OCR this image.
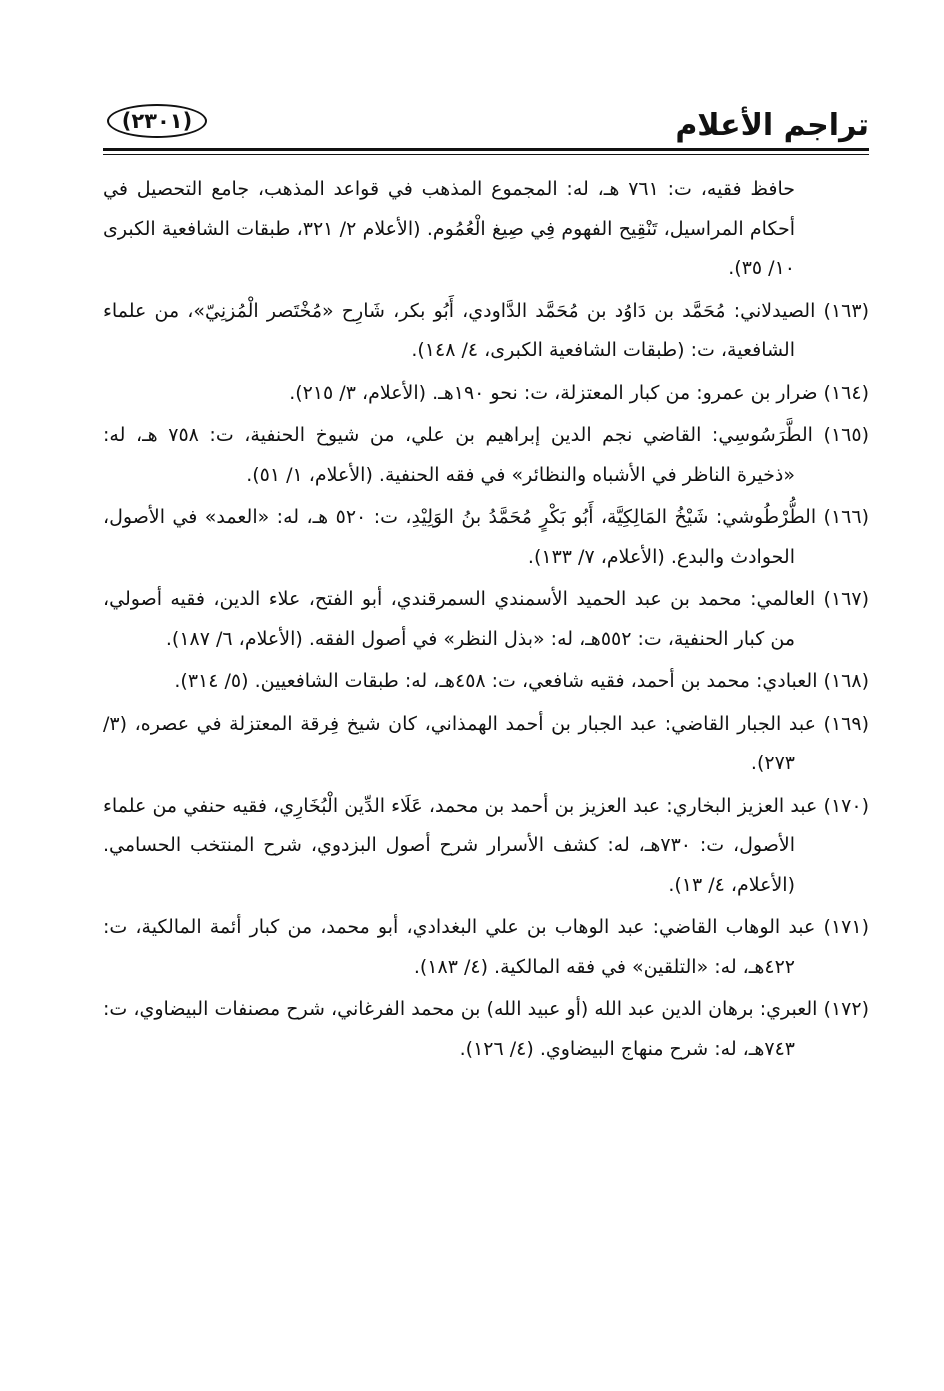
تراجم الأعلام
(٢٣٠١)

حافظ فقيه، ت: ٧٦١ هـ، له: المجموع المذهب في قواعد المذهب، جامع التحصيل في أحكام المراسيل، تَنْقِيح الفهوم فِي صِيغ الْعُمُوم. (الأعلام ٢/ ٣٢١، طبقات الشافعية الكبرى ١٠/ ٣٥).

(١٦٣) الصيدلاني: مُحَمَّد بن دَاوُد بن مُحَمَّد الدَّاودي، أَبُو بكر، شَارِح «مُخْتَصر الْمُزنِيّ»، من علماء الشافعية، ت: (طبقات الشافعية الكبرى، ٤/ ١٤٨).

(١٦٤) ضرار بن عمرو: من كبار المعتزلة، ت: نحو ١٩٠هـ. (الأعلام، ٣/ ٢١٥).

(١٦٥) الطَّرَسُوسِي: القاضي نجم الدين إبراهيم بن علي، من شيوخ الحنفية، ت: ٧٥٨ هـ، له: «ذخيرة الناظر في الأشباه والنظائر» في فقه الحنفية. (الأعلام، ١/ ٥١).

(١٦٦) الطُّرْطُوشي: شَيْخُ المَالِكِيَّة، أَبُو بَكْرٍ مُحَمَّدُ بنُ الوَلِيْدِ، ت: ٥٢٠ هـ، له: «العمد» في الأصول، الحوادث والبدع. (الأعلام، ٧/ ١٣٣).

(١٦٧) العالمي: محمد بن عبد الحميد الأسمندي السمرقندي، أبو الفتح، علاء الدين، فقيه أصولي، من كبار الحنفية، ت: ٥٥٢هـ، له: «بذل النظر» في أصول الفقه. (الأعلام، ٦/ ١٨٧).

(١٦٨) العبادي: محمد بن أحمد، فقيه شافعي، ت: ٤٥٨هـ، له: طبقات الشافعيين. (٥/ ٣١٤).

(١٦٩) عبد الجبار القاضي: عبد الجبار بن أحمد الهمذاني، كان شيخ فِرقة المعتزلة في عصره، (٣/ ٢٧٣).

(١٧٠) عبد العزيز البخاري: عبد العزيز بن أحمد بن محمد، عَلَاء الدِّين الْبُخَارِي، فقيه حنفي من علماء الأصول، ت: ٧٣٠هـ، له: كشف الأسرار شرح أصول البزدوي، شرح المنتخب الحسامي. (الأعلام، ٤/ ١٣).

(١٧١) عبد الوهاب القاضي: عبد الوهاب بن علي البغدادي، أبو محمد، من كبار أئمة المالكية، ت: ٤٢٢هـ، له: «التلقين» في فقه المالكية. (٤/ ١٨٣).

(١٧٢) العبري: برهان الدين عبد الله (أو عبيد الله) بن محمد الفرغاني، شرح مصنفات البيضاوي، ت: ٧٤٣هـ، له: شرح منهاج البيضاوي. (٤/ ١٢٦).
